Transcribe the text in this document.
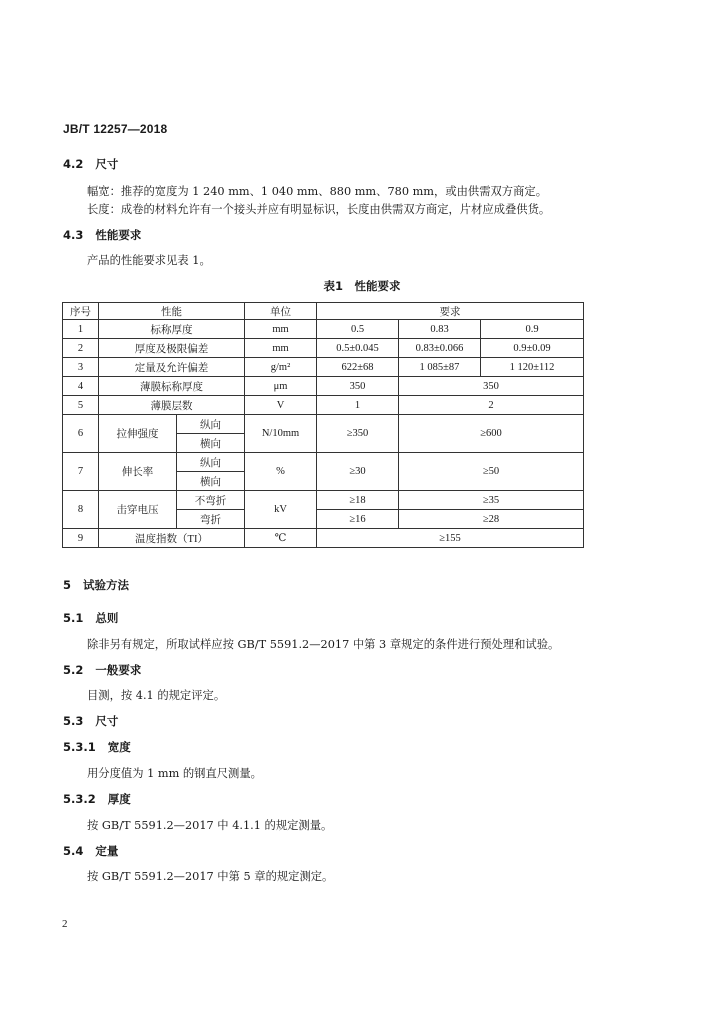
JB/T 12257—2018
4.2 尺寸
幅宽：推荐的宽度为 1 240 mm、1 040 mm、880 mm、780 mm，或由供需双方商定。
长度：成卷的材料允许有一个接头并应有明显标识，长度由供需双方商定，片材应成叠供货。
4.3 性能要求
产品的性能要求见表 1。
表1　性能要求
序号	性能		单位	要求		
1	标称厚度		mm	0.5	0.83	0.9
2	厚度及极限偏差		mm	0.5±0.045	0.83±0.066	0.9±0.09
3	定量及允许偏差		g/m²	622±68	1 085±87	1 120±112
4	薄膜标称厚度		μm	350	350	
5	薄膜层数		V	1	2	
6	拉伸强度	纵向	N/10mm	≥350	≥600	
		横向				
7	伸长率	纵向	%	≥30	≥50	
		横向				
8	击穿电压	不弯折	kV	≥18	≥35	
		弯折		≥16	≥28	
9	温度指数（TI）		℃	≥155		
5 试验方法
5.1 总则
除非另有规定，所取试样应按 GB/T 5591.2—2017 中第 3 章规定的条件进行预处理和试验。
5.2 一般要求
目测，按 4.1 的规定评定。
5.3 尺寸
5.3.1 宽度
用分度值为 1 mm 的钢直尺测量。
5.3.2 厚度
按 GB/T 5591.2—2017 中 4.1.1 的规定测量。
5.4 定量
按 GB/T 5591.2—2017 中第 5 章的规定测定。
2
